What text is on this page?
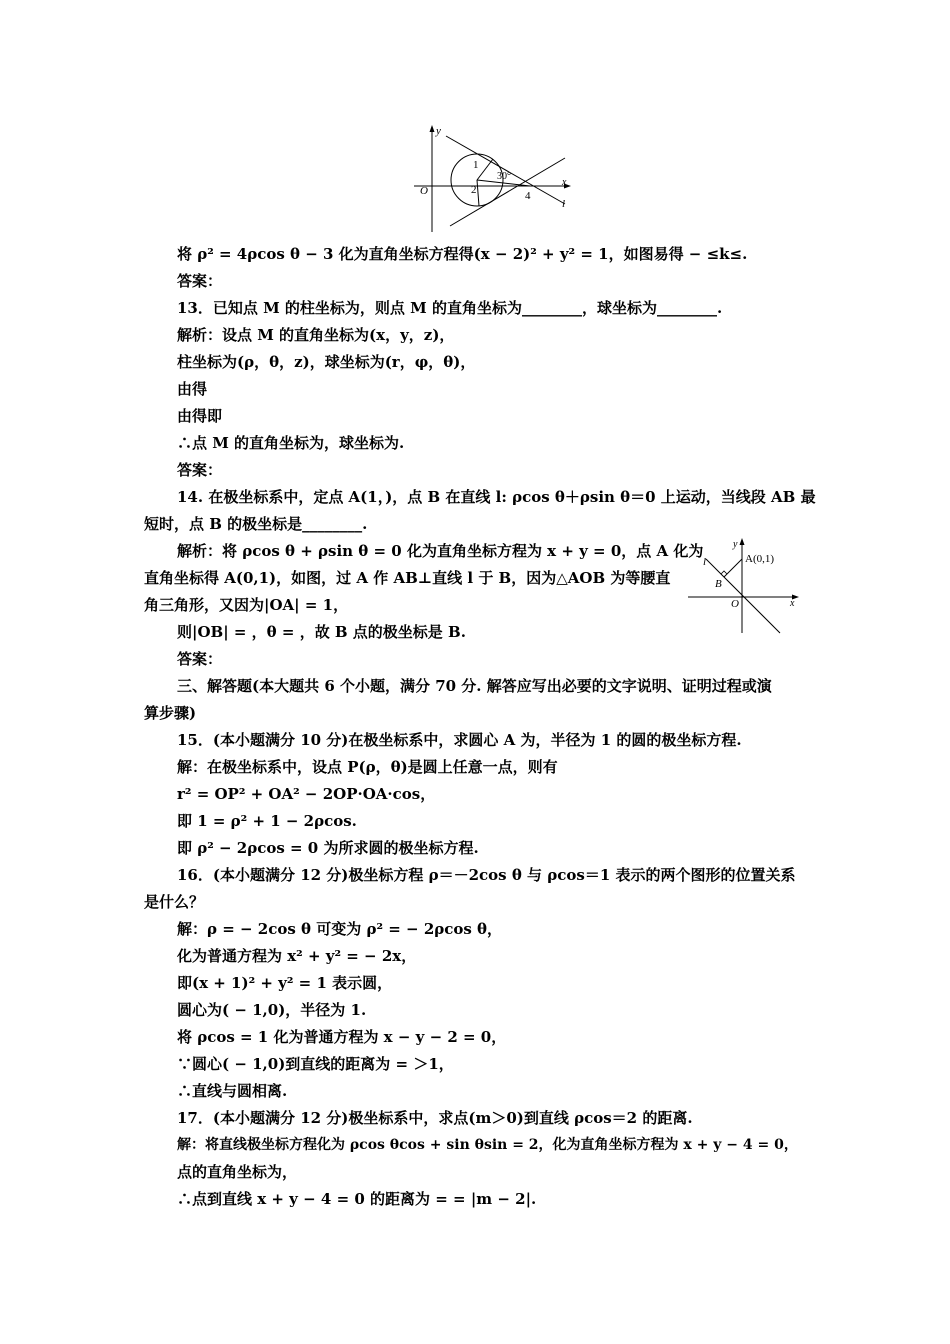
y
x
O
1
2	4
30°
l
y
x
O
A(0,1)
B
l
将 ρ² = 4ρcos θ − 3 化为直角坐标方程得(x − 2)² + y² = 1，如图易得 − ≤k≤.
答案：
13．已知点 M 的柱坐标为，则点 M 的直角坐标为________，球坐标为________.
解析：设点 M 的直角坐标为(x，y，z)，
柱坐标为(ρ，θ，z)，球坐标为(r，φ，θ)，
由得
由得即
∴点 M 的直角坐标为，球坐标为.
答案：
14. 在极坐标系中，定点 A(1，)，点 B 在直线 l: ρcos θ＋ρsin θ＝0 上运动，当线段 AB 最
短时，点 B 的极坐标是________.
解析：将 ρcos θ + ρsin θ = 0 化为直角坐标方程为 x + y = 0，点 A 化为
直角坐标得 A(0,1)，如图，过 A 作 AB⊥直线 l 于 B，因为△AOB 为等腰直
角三角形，又因为|OA| = 1，
则|OB| = ，θ = ，故 B 点的极坐标是 B.
答案：
三、解答题(本大题共 6 个小题，满分 70 分. 解答应写出必要的文字说明、证明过程或演
算步骤)
15．(本小题满分 10 分)在极坐标系中，求圆心 A 为，半径为 1 的圆的极坐标方程.
解：在极坐标系中，设点 P(ρ，θ)是圆上任意一点，则有
r² = OP² + OA² − 2OP·OA·cos，
即 1 = ρ² + 1 − 2ρcos.
即 ρ² − 2ρcos = 0 为所求圆的极坐标方程.
16．(本小题满分 12 分)极坐标方程 ρ＝－2cos θ 与 ρcos＝1 表示的两个图形的位置关系
是什么？
解：ρ = − 2cos θ 可变为 ρ² = − 2ρcos θ，
化为普通方程为 x² + y² = − 2x，
即(x + 1)² + y² = 1 表示圆，
圆心为( − 1,0)，半径为 1.
将 ρcos = 1 化为普通方程为 x − y − 2 = 0，
∵圆心( − 1,0)到直线的距离为 = ＞1，
∴直线与圆相离.
17．(本小题满分 12 分)极坐标系中，求点(m＞0)到直线 ρcos＝2 的距离.
解：将直线极坐标方程化为 ρcos θcos + sin θsin = 2，化为直角坐标方程为 x + y − 4 = 0，
点的直角坐标为，
∴点到直线 x + y − 4 = 0 的距离为 = = |m − 2|.
